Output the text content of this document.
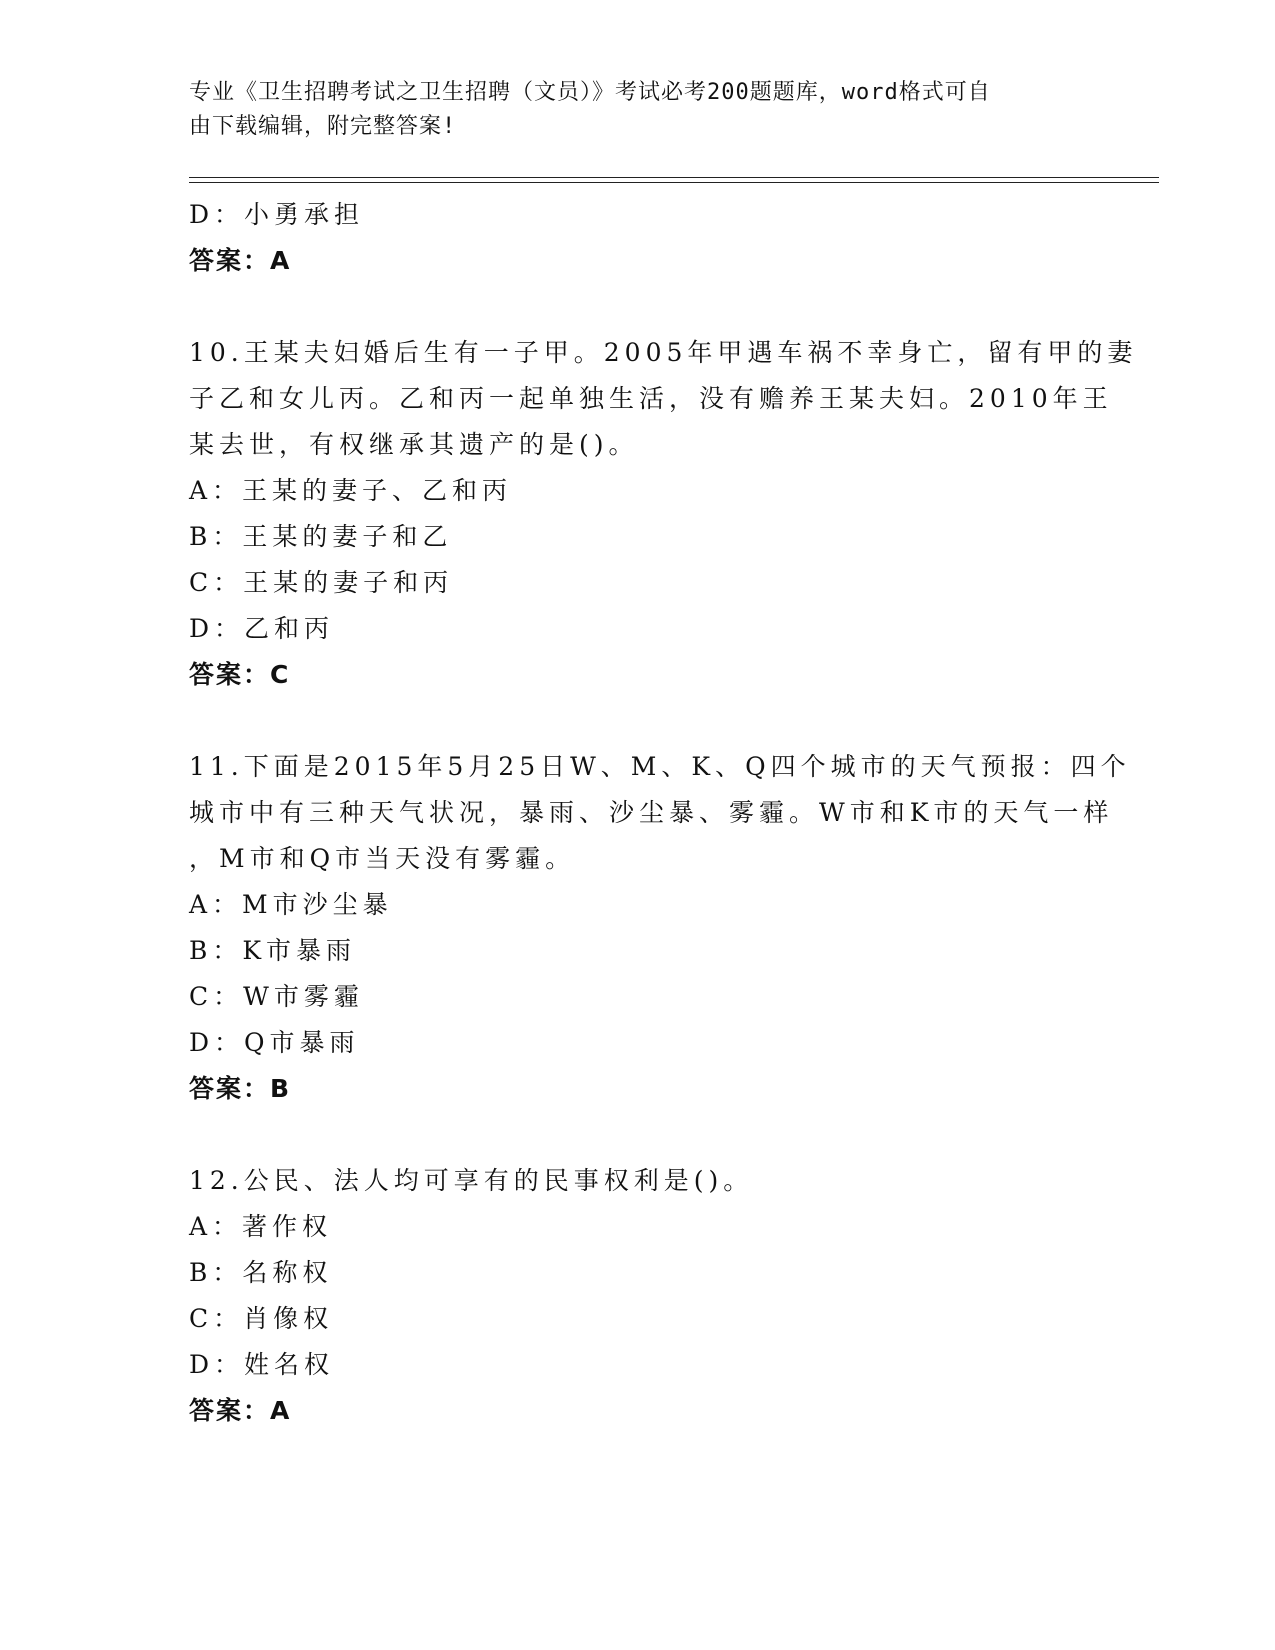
专业《卫生招聘考试之卫生招聘（文员）》考试必考200题题库，word格式可自
由下载编辑，附完整答案!
D：小勇承担
答案：A
10.王某夫妇婚后生有一子甲。2005年甲遇车祸不幸身亡，留有甲的妻
子乙和女儿丙。乙和丙一起单独生活，没有赡养王某夫妇。2010年王
某去世，有权继承其遗产的是()。
A：王某的妻子、乙和丙
B：王某的妻子和乙
C：王某的妻子和丙
D：乙和丙
答案：C
11.下面是2015年5月25日W、M、K、Q四个城市的天气预报：四个
城市中有三种天气状况，暴雨、沙尘暴、雾霾。W市和K市的天气一样
，M市和Q市当天没有雾霾。
A：M市沙尘暴
B：K市暴雨
C：W市雾霾
D：Q市暴雨
答案：B
12.公民、法人均可享有的民事权利是()。
A：著作权
B：名称权
C：肖像权
D：姓名权
答案：A
